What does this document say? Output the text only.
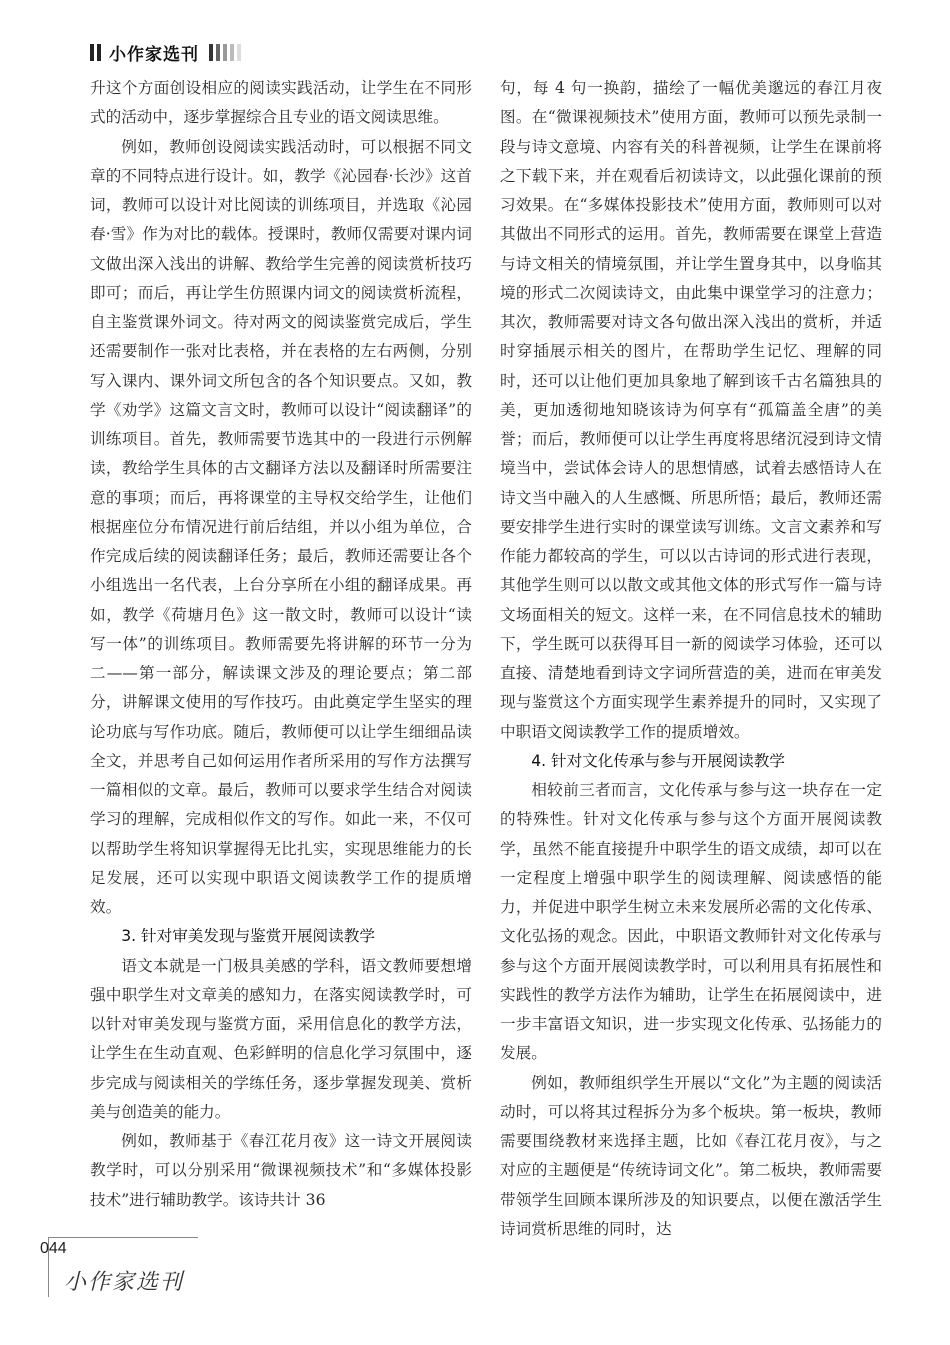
小作家选刊

升这个方面创设相应的阅读实践活动，让学生在不同形式的活动中，逐步掌握综合且专业的语文阅读思维。

例如，教师创设阅读实践活动时，可以根据不同文章的不同特点进行设计。如，教学《沁园春·长沙》这首词，教师可以设计对比阅读的训练项目，并选取《沁园春·雪》作为对比的载体。授课时，教师仅需要对课内词文做出深入浅出的讲解、教给学生完善的阅读赏析技巧即可；而后，再让学生仿照课内词文的阅读赏析流程，自主鉴赏课外词文。待对两文的阅读鉴赏完成后，学生还需要制作一张对比表格，并在表格的左右两侧，分别写入课内、课外词文所包含的各个知识要点。又如，教学《劝学》这篇文言文时，教师可以设计“阅读翻译”的训练项目。首先，教师需要节选其中的一段进行示例解读，教给学生具体的古文翻译方法以及翻译时所需要注意的事项；而后，再将课堂的主导权交给学生，让他们根据座位分布情况进行前后结组，并以小组为单位，合作完成后续的阅读翻译任务；最后，教师还需要让各个小组选出一名代表，上台分享所在小组的翻译成果。再如，教学《荷塘月色》这一散文时，教师可以设计“读写一体”的训练项目。教师需要先将讲解的环节一分为二——第一部分，解读课文涉及的理论要点；第二部分，讲解课文使用的写作技巧。由此奠定学生坚实的理论功底与写作功底。随后，教师便可以让学生细细品读全文，并思考自己如何运用作者所采用的写作方法撰写一篇相似的文章。最后，教师可以要求学生结合对阅读学习的理解，完成相似作文的写作。如此一来，不仅可以帮助学生将知识掌握得无比扎实，实现思维能力的长足发展，还可以实现中职语文阅读教学工作的提质增效。

3. 针对审美发现与鉴赏开展阅读教学

语文本就是一门极具美感的学科，语文教师要想增强中职学生对文章美的感知力，在落实阅读教学时，可以针对审美发现与鉴赏方面，采用信息化的教学方法，让学生在生动直观、色彩鲜明的信息化学习氛围中，逐步完成与阅读相关的学练任务，逐步掌握发现美、赏析美与创造美的能力。

例如，教师基于《春江花月夜》这一诗文开展阅读教学时，可以分别采用“微课视频技术”和“多媒体投影技术”进行辅助教学。该诗共计 36

句，每 4 句一换韵，描绘了一幅优美邈远的春江月夜图。在“微课视频技术”使用方面，教师可以预先录制一段与诗文意境、内容有关的科普视频，让学生在课前将之下载下来，并在观看后初读诗文，以此强化课前的预习效果。在“多媒体投影技术”使用方面，教师则可以对其做出不同形式的运用。首先，教师需要在课堂上营造与诗文相关的情境氛围，并让学生置身其中，以身临其境的形式二次阅读诗文，由此集中课堂学习的注意力；其次，教师需要对诗文各句做出深入浅出的赏析，并适时穿插展示相关的图片，在帮助学生记忆、理解的同时，还可以让他们更加具象地了解到该千古名篇独具的美，更加透彻地知晓该诗为何享有“孤篇盖全唐”的美誉；而后，教师便可以让学生再度将思绪沉浸到诗文情境当中，尝试体会诗人的思想情感，试着去感悟诗人在诗文当中融入的人生感慨、所思所悟；最后，教师还需要安排学生进行实时的课堂读写训练。文言文素养和写作能力都较高的学生，可以以古诗词的形式进行表现，其他学生则可以以散文或其他文体的形式写作一篇与诗文场面相关的短文。这样一来，在不同信息技术的辅助下，学生既可以获得耳目一新的阅读学习体验，还可以直接、清楚地看到诗文字词所营造的美，进而在审美发现与鉴赏这个方面实现学生素养提升的同时，又实现了中职语文阅读教学工作的提质增效。

4. 针对文化传承与参与开展阅读教学

相较前三者而言，文化传承与参与这一块存在一定的特殊性。针对文化传承与参与这个方面开展阅读教学，虽然不能直接提升中职学生的语文成绩，却可以在一定程度上增强中职学生的阅读理解、阅读感悟的能力，并促进中职学生树立未来发展所必需的文化传承、文化弘扬的观念。因此，中职语文教师针对文化传承与参与这个方面开展阅读教学时，可以利用具有拓展性和实践性的教学方法作为辅助，让学生在拓展阅读中，进一步丰富语文知识，进一步实现文化传承、弘扬能力的发展。

例如，教师组织学生开展以“文化”为主题的阅读活动时，可以将其过程拆分为多个板块。第一板块，教师需要围绕教材来选择主题，比如《春江花月夜》，与之对应的主题便是“传统诗词文化”。第二板块，教师需要带领学生回顾本课所涉及的知识要点，以便在激活学生诗词赏析思维的同时，达

044
小作家选刊
